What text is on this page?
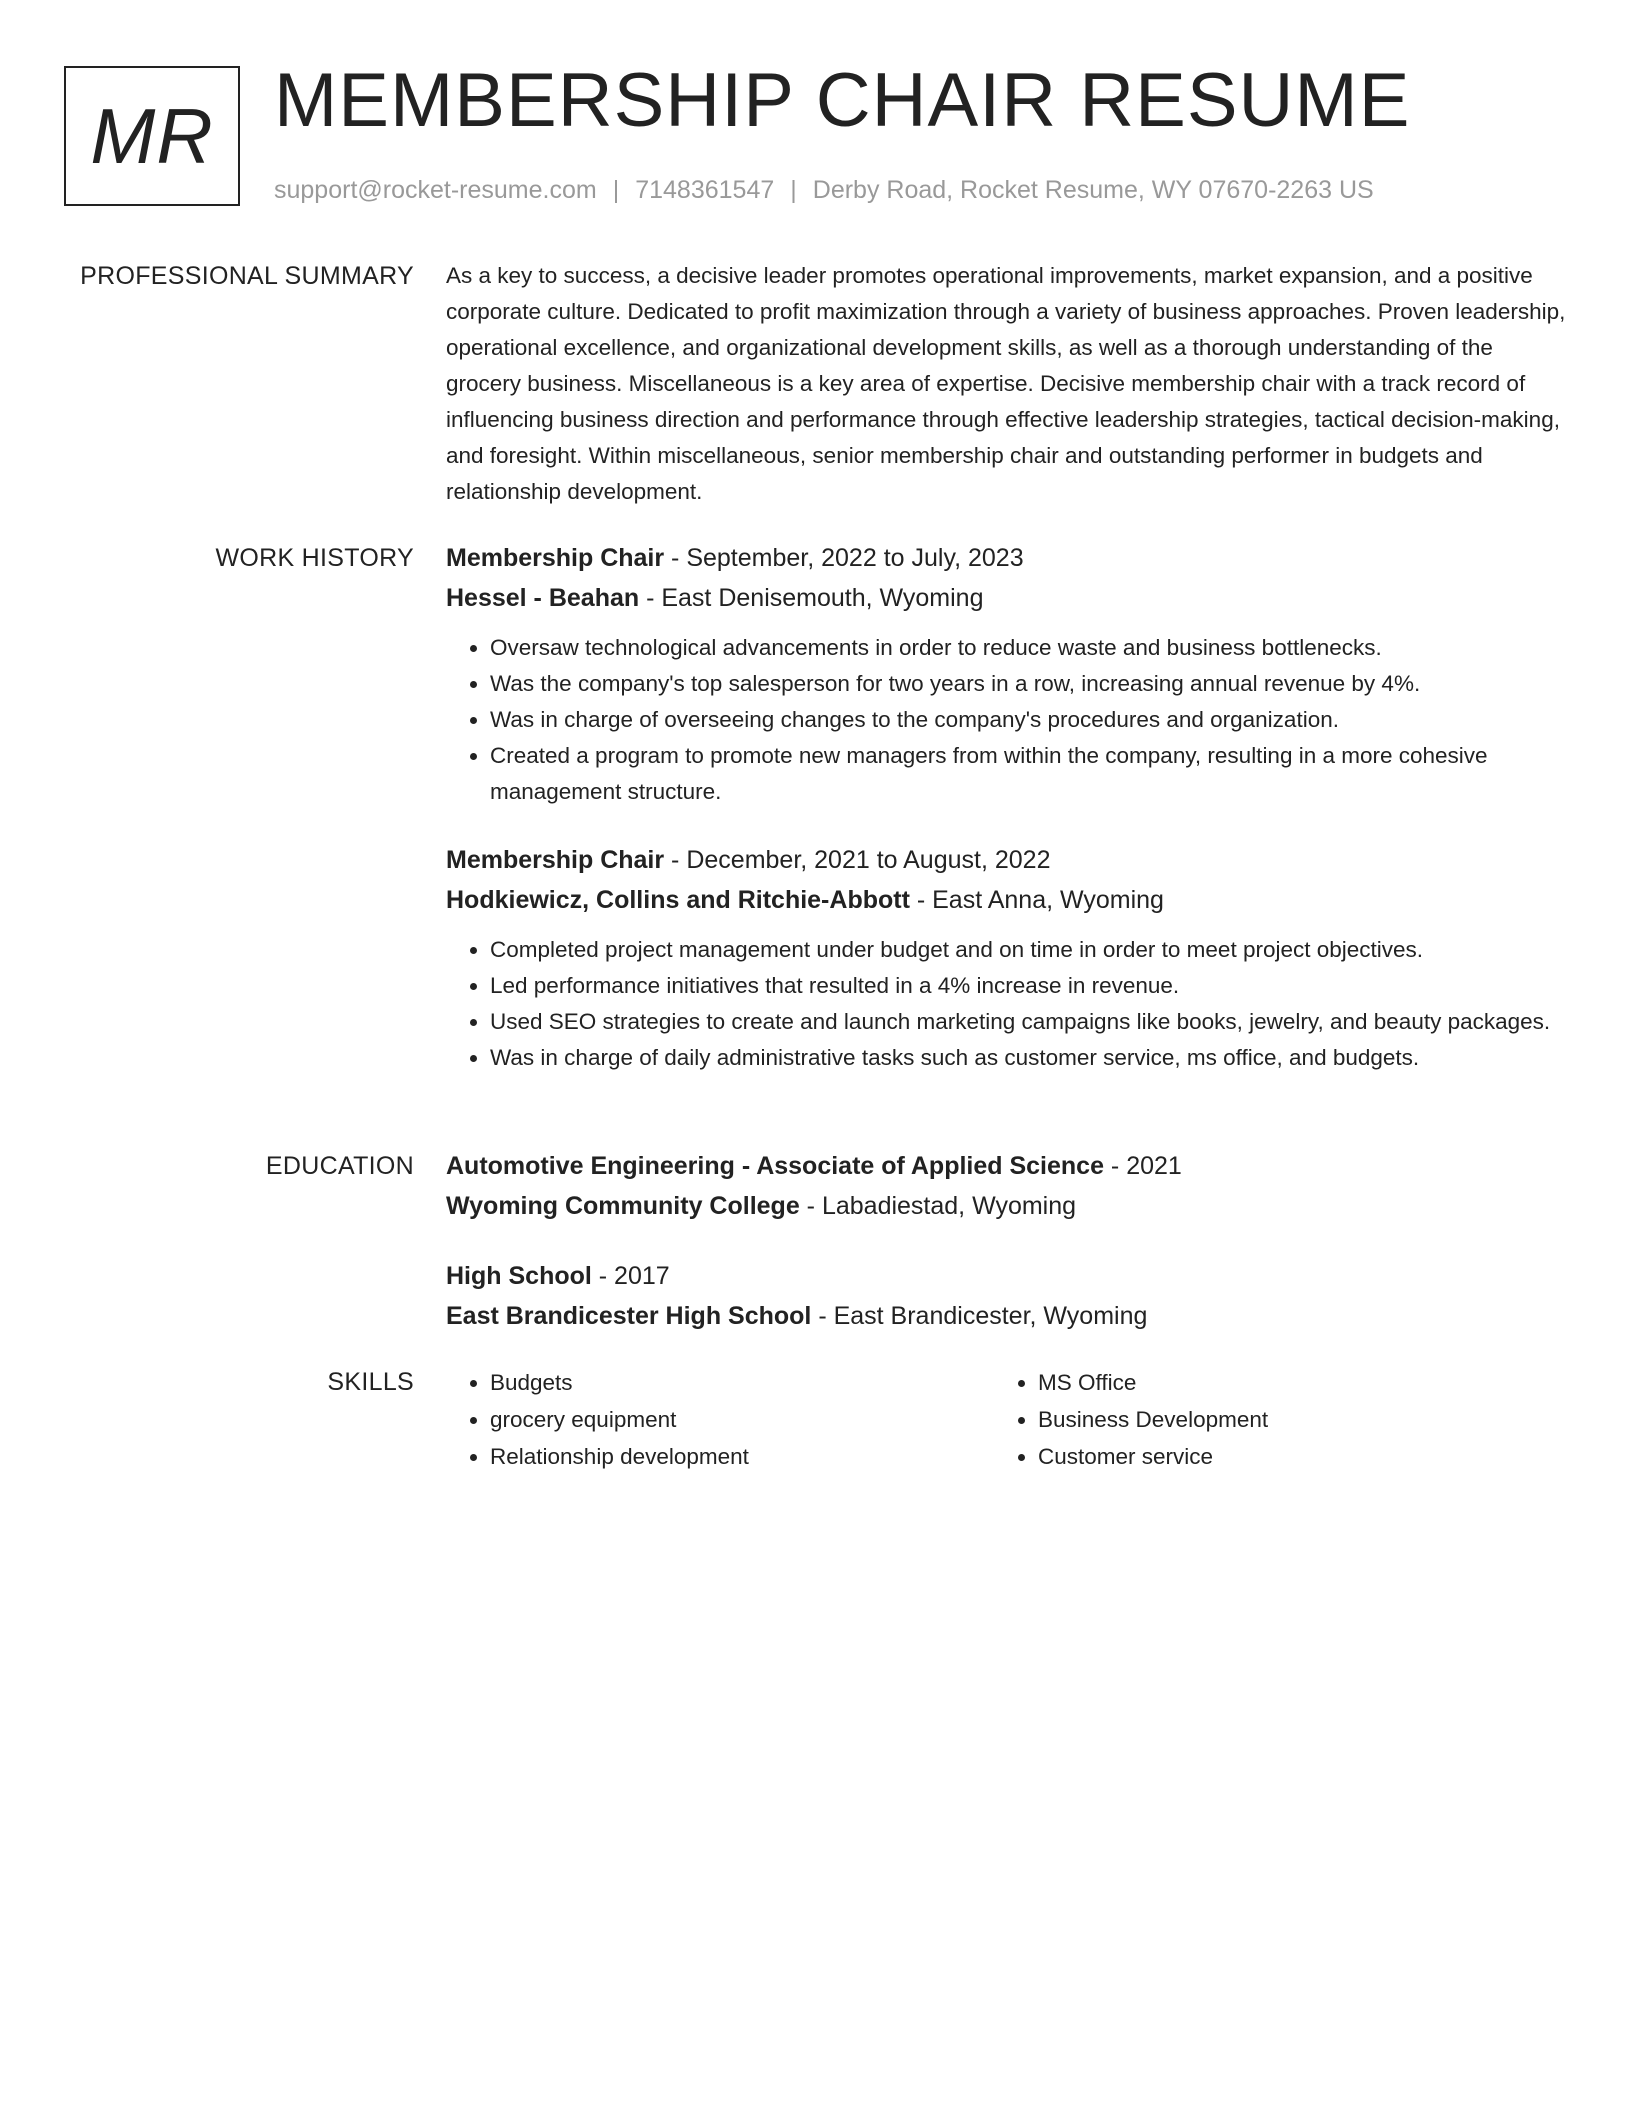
MR MEMBERSHIP CHAIR RESUME
support@rocket-resume.com | 7148361547 | Derby Road, Rocket Resume, WY 07670-2263 US
PROFESSIONAL SUMMARY As a key to success, a decisive leader promotes operational improvements, market expansion, and a positive corporate culture. Dedicated to profit maximization through a variety of business approaches. Proven leadership, operational excellence, and organizational development skills, as well as a thorough understanding of the grocery business. Miscellaneous is a key area of expertise. Decisive membership chair with a track record of influencing business direction and performance through effective leadership strategies, tactical decision-making, and foresight. Within miscellaneous, senior membership chair and outstanding performer in budgets and relationship development.

WORK HISTORY Membership Chair - September, 2022 to July, 2023
Hessel - Beahan - East Denisemouth, Wyoming
• Oversaw technological advancements in order to reduce waste and business bottlenecks.
• Was the company's top salesperson for two years in a row, increasing annual revenue by 4%.
• Was in charge of overseeing changes to the company's procedures and organization.
• Created a program to promote new managers from within the company, resulting in a more cohesive management structure.
Membership Chair - December, 2021 to August, 2022
Hodkiewicz, Collins and Ritchie-Abbott - East Anna, Wyoming
• Completed project management under budget and on time in order to meet project objectives.
• Led performance initiatives that resulted in a 4% increase in revenue.
• Used SEO strategies to create and launch marketing campaigns like books, jewelry, and beauty packages.
• Was in charge of daily administrative tasks such as customer service, ms office, and budgets.
EDUCATION Automotive Engineering - Associate of Applied Science - 2021
Wyoming Community College - Labadiestad, Wyoming
High School - 2017
East Brandicester High School - East Brandicester, Wyoming
SKILLS
•	Budgets
• grocery equipment
• Relationship development
• MS Office
• Business Development
• Customer service
